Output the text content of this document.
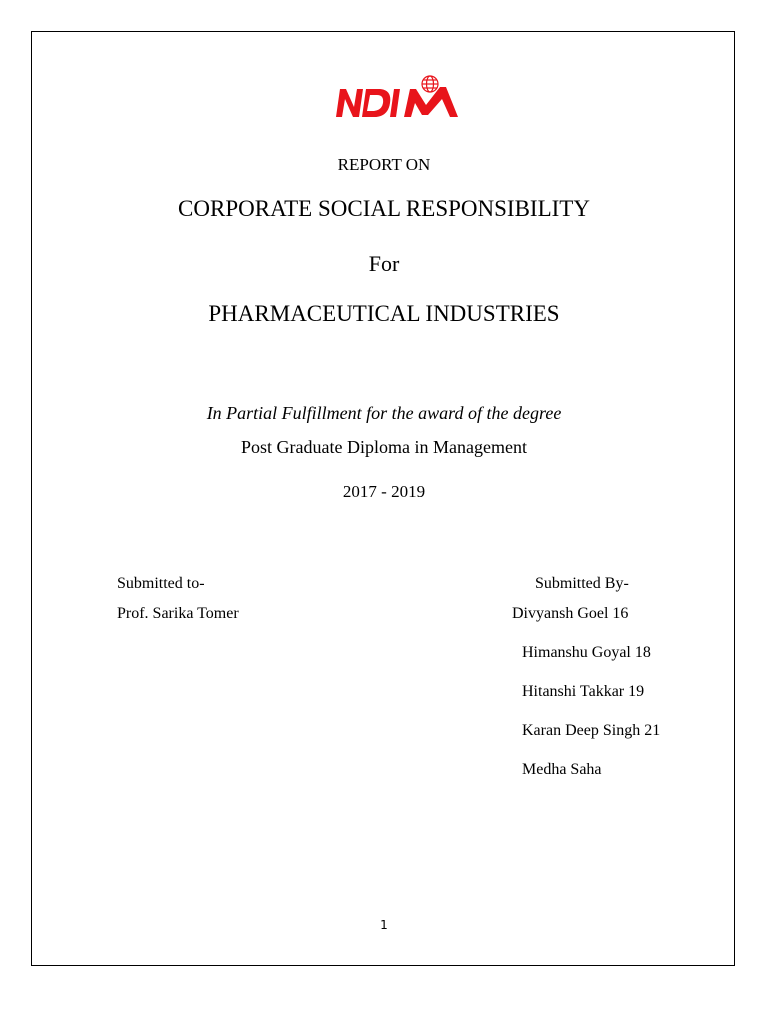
REPORT ON
CORPORATE SOCIAL RESPONSIBILITY
For
PHARMACEUTICAL INDUSTRIES
In Partial Fulfillment for the award of the degree
Post Graduate Diploma in Management
2017 - 2019
Submitted to-
Prof. Sarika Tomer
Submitted By-
Divyansh Goel 16
Himanshu Goyal 18
Hitanshi Takkar 19
Karan Deep Singh 21
Medha Saha
1
